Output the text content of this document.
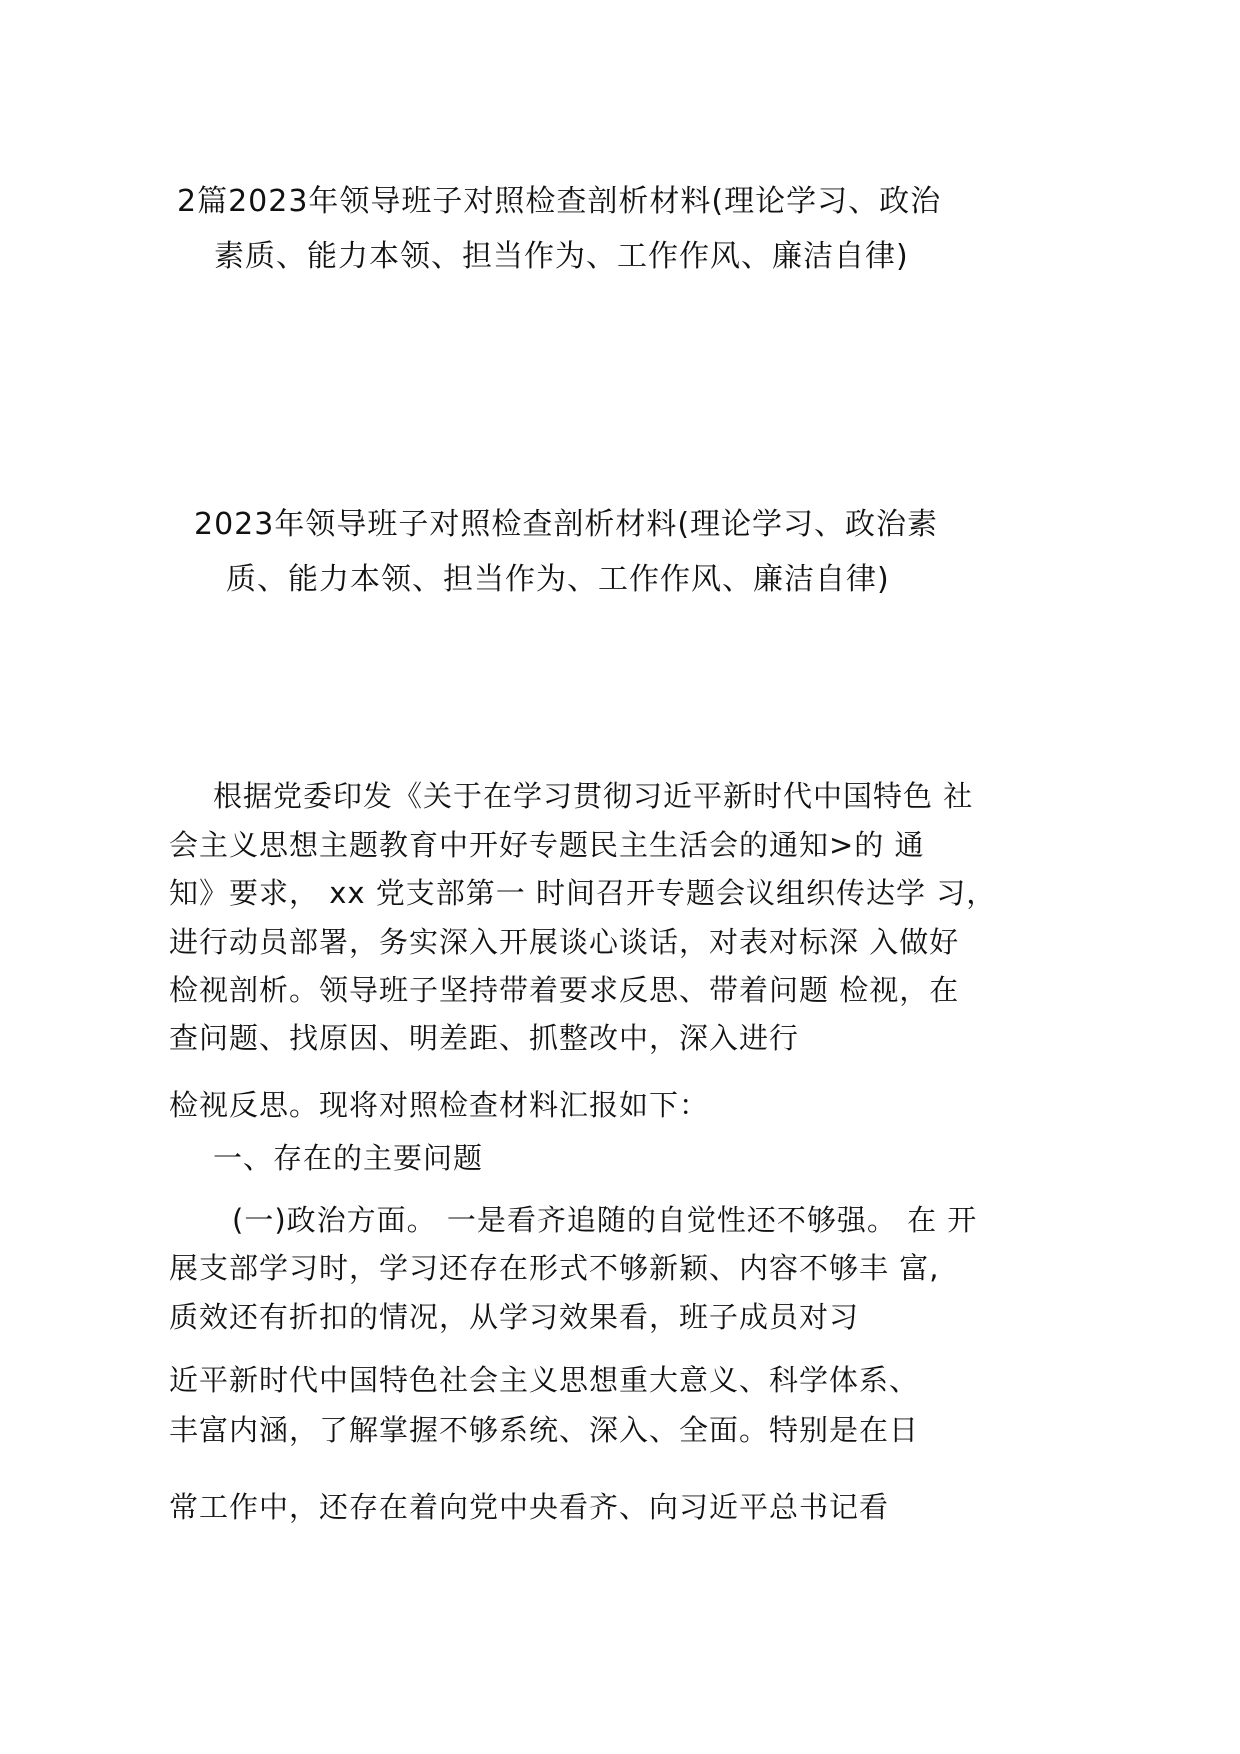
2篇2023年领导班子对照检查剖析材料(理论学习、政治
素质、能力本领、担当作为、工作作风、廉洁自律)
2023年领导班子对照检查剖析材料(理论学习、政治素
质、能力本领、担当作为、工作作风、廉洁自律)
根据党委印发《关于在学习贯彻习近平新时代中国特色 社
会主义思想主题教育中开好专题民主生活会的通知>的 通
知》要求， xx 党支部第一 时间召开专题会议组织传达学 习，
进行动员部署，务实深入开展谈心谈话，对表对标深 入做好
检视剖析。领导班子坚持带着要求反思、带着问题 检视，在
查问题、找原因、明差距、抓整改中，深入进行
检视反思。现将对照检查材料汇报如下：
一、存在的主要问题
(一)政治方面。 一是看齐追随的自觉性还不够强。 在 开
展支部学习时，学习还存在形式不够新颖、内容不够丰 富,
质效还有折扣的情况，从学习效果看，班子成员对习
近平新时代中国特色社会主义思想重大意义、科学体系、
丰富内涵，了解掌握不够系统、深入、全面。特别是在日
常工作中，还存在着向党中央看齐、向习近平总书记看
